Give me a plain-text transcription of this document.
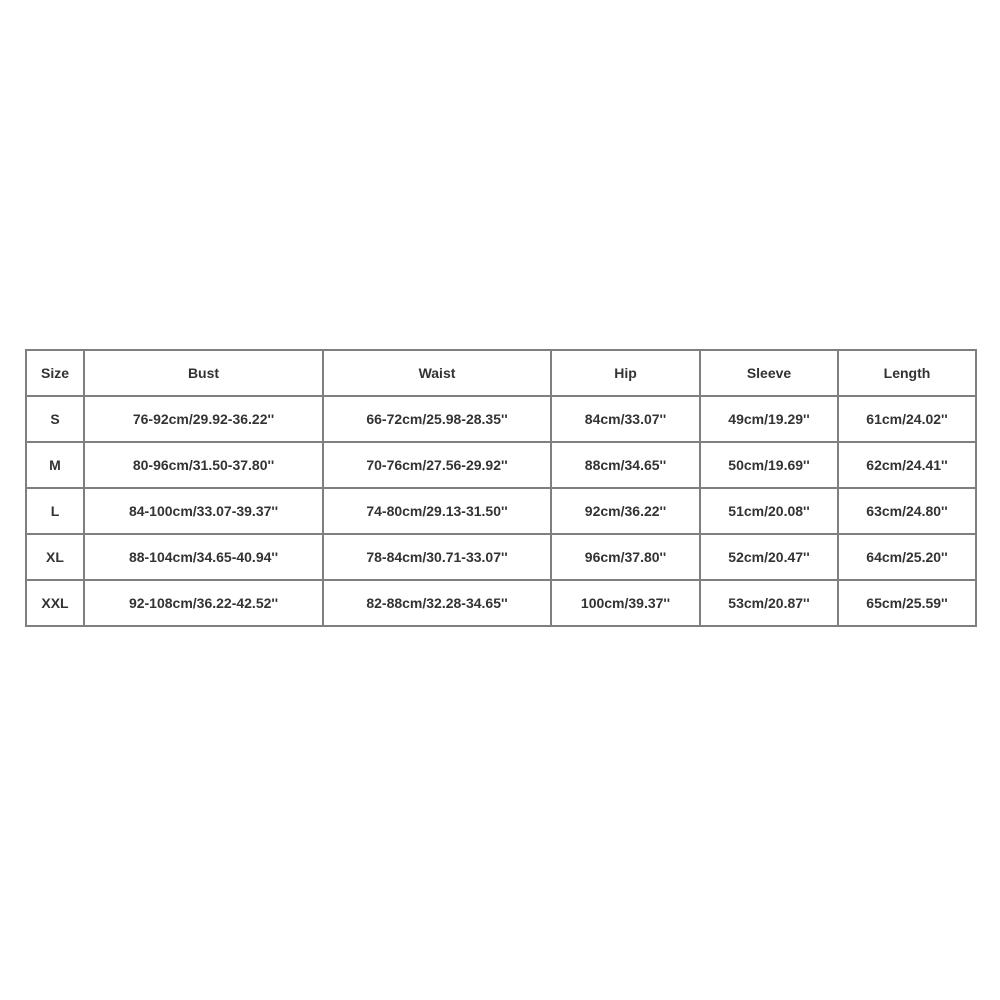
Size	Bust	Waist	Hip	Sleeve	Length
S	76-92cm/29.92-36.22''	66-72cm/25.98-28.35''	84cm/33.07''	49cm/19.29''	61cm/24.02''
M	80-96cm/31.50-37.80''	70-76cm/27.56-29.92''	88cm/34.65''	50cm/19.69''	62cm/24.41''
L	84-100cm/33.07-39.37''	74-80cm/29.13-31.50''	92cm/36.22''	51cm/20.08''	63cm/24.80''
XL	88-104cm/34.65-40.94''	78-84cm/30.71-33.07''	96cm/37.80''	52cm/20.47''	64cm/25.20''
XXL	92-108cm/36.22-42.52''	82-88cm/32.28-34.65''	100cm/39.37''	53cm/20.87''	65cm/25.59''
